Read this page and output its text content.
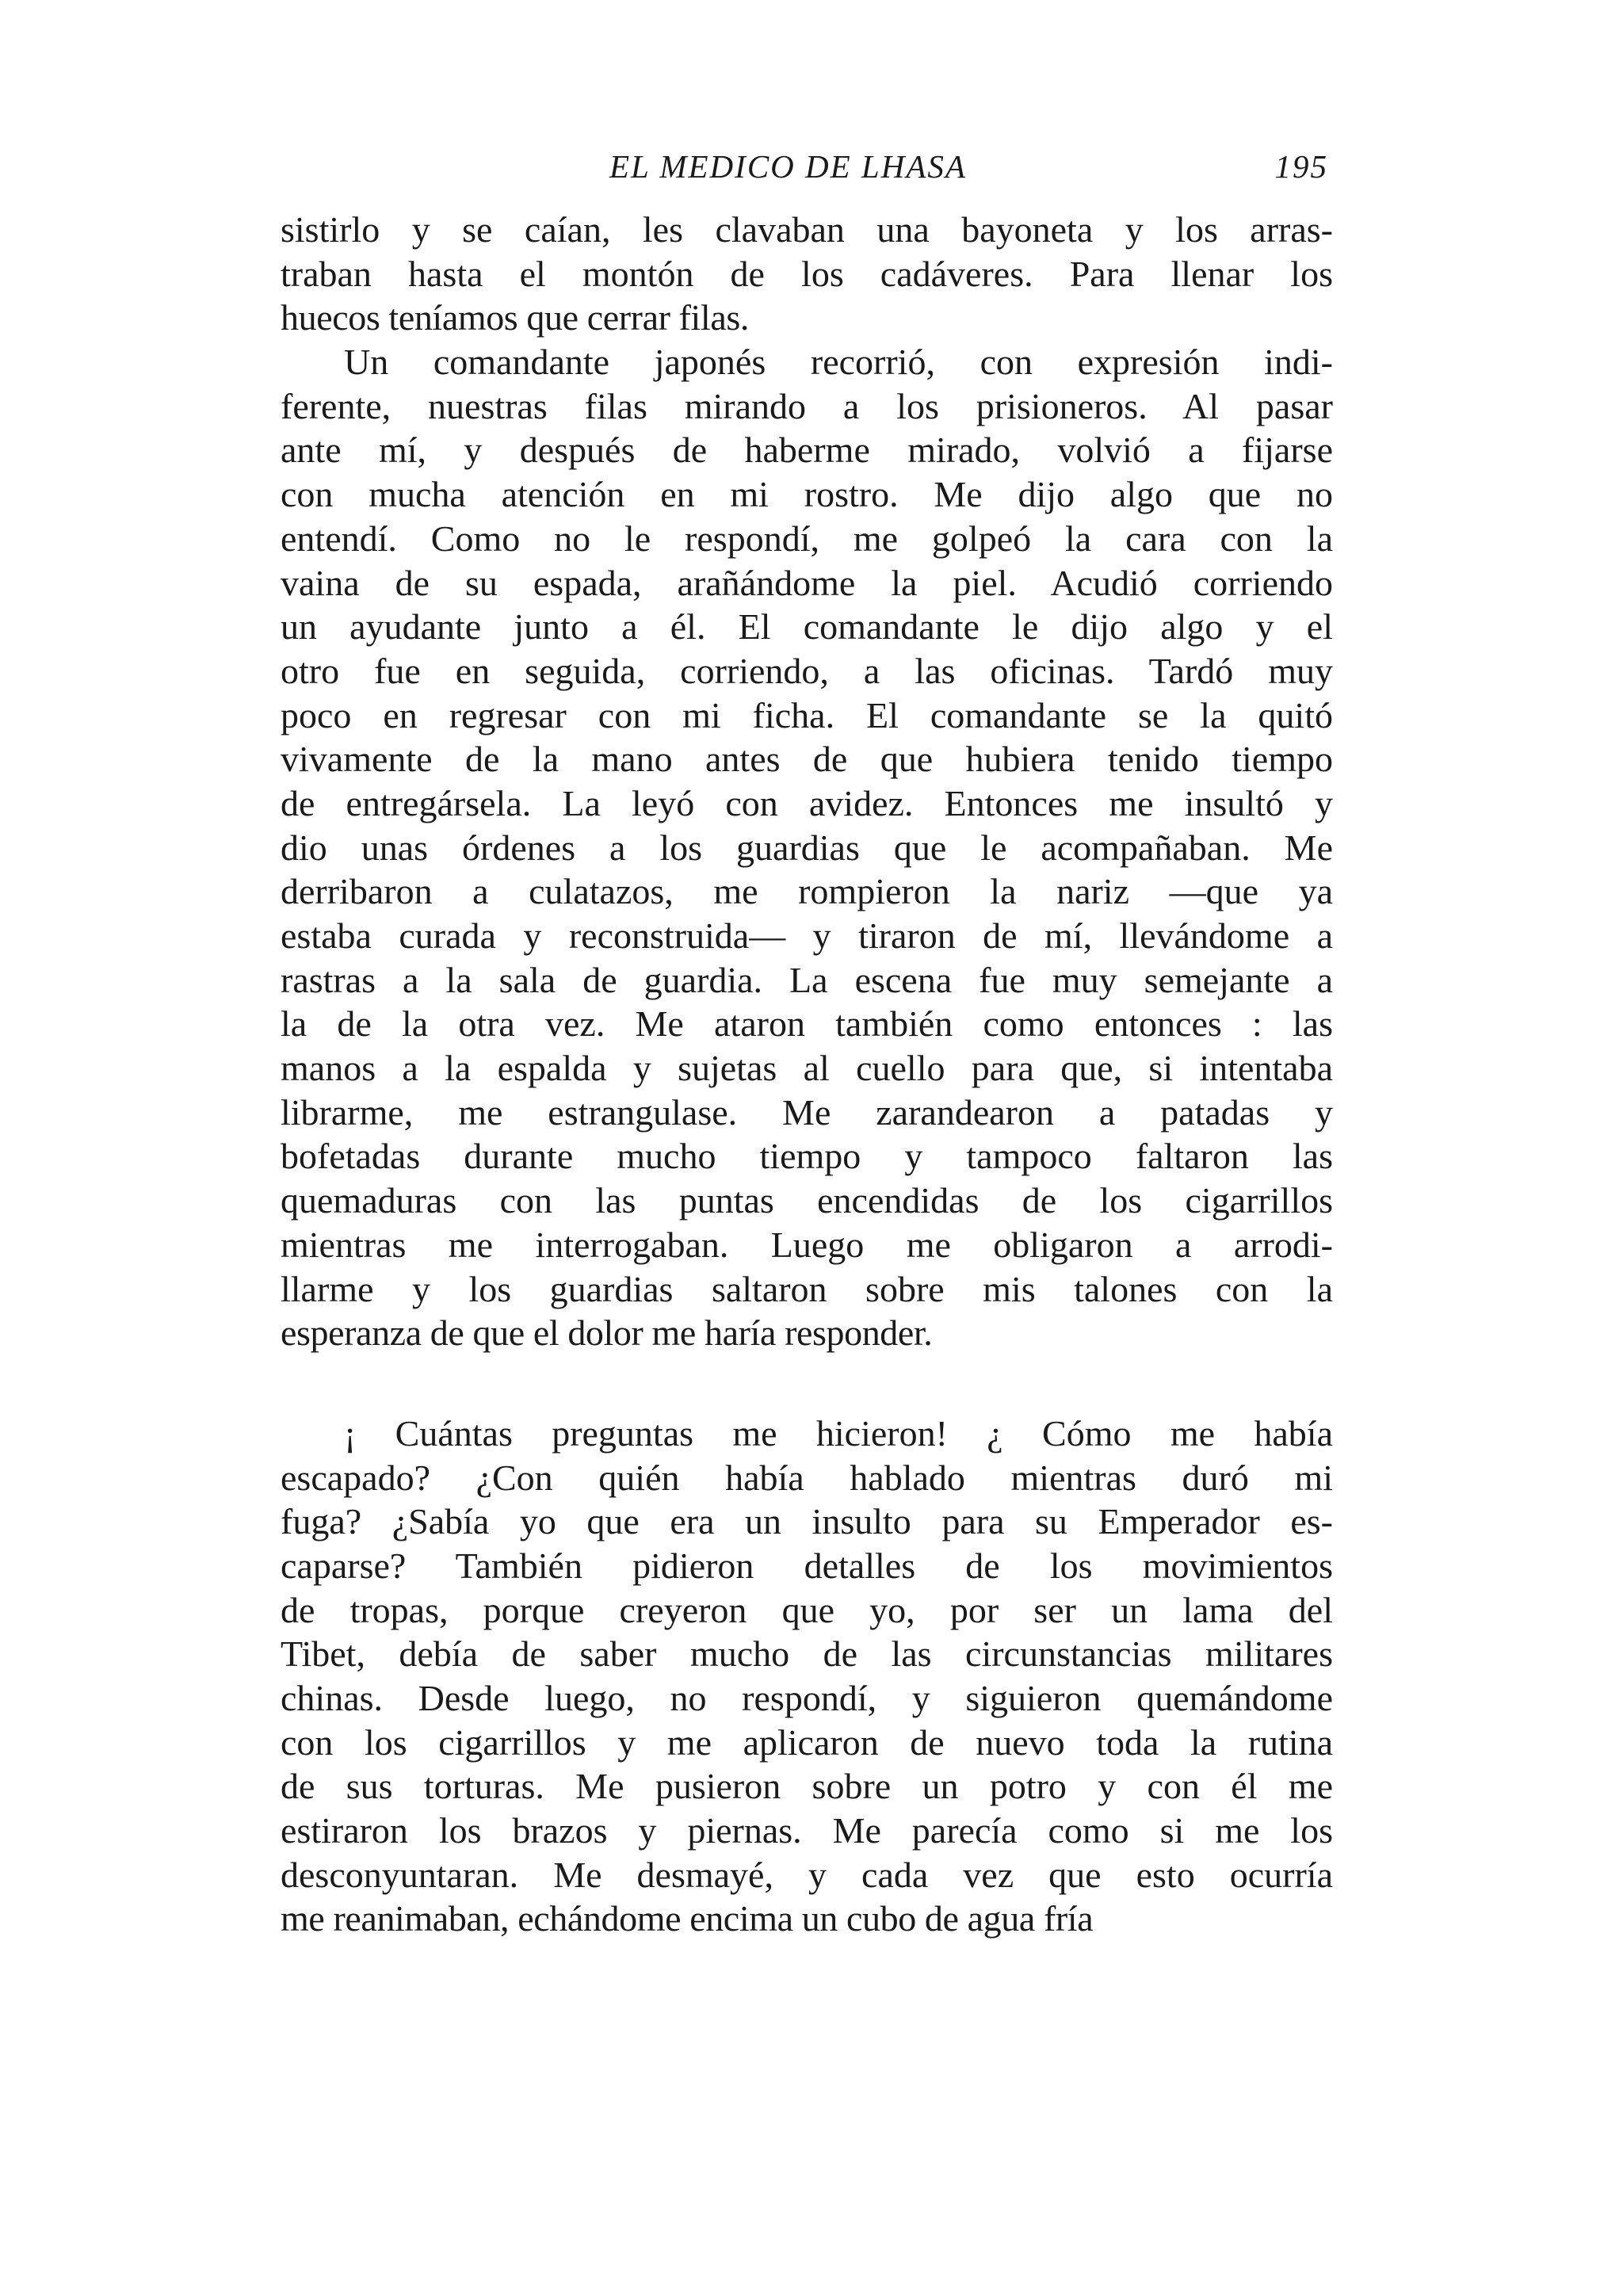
EL MEDICO DE LHASA	195
sistirlo y se caían, les clavaban una bayoneta y los arras-
traban hasta el montón de los cadáveres. Para llenar los
huecos teníamos que cerrar filas.
Un comandante japonés recorrió, con expresión indi-
ferente, nuestras filas mirando a los prisioneros. Al pasar
ante mí, y después de haberme mirado, volvió a fijarse
con mucha atención en mi rostro. Me dijo algo que no
entendí. Como no le respondí, me golpeó la cara con la
vaina de su espada, arañándome la piel. Acudió corriendo
un ayudante junto a él. El comandante le dijo algo y el
otro fue en seguida, corriendo, a las oficinas. Tardó muy
poco en regresar con mi ficha. El comandante se la quitó
vivamente de la mano antes de que hubiera tenido tiempo
de entregársela. La leyó con avidez. Entonces me insultó y
dio unas órdenes a los guardias que le acompañaban. Me
derribaron a culatazos, me rompieron la nariz —que ya
estaba curada y reconstruida— y tiraron de mí, llevándome a
rastras a la sala de guardia. La escena fue muy semejante a
la de la otra vez. Me ataron también como entonces : las
manos a la espalda y sujetas al cuello para que, si intentaba
librarme, me estrangulase. Me zarandearon a patadas y
bofetadas durante mucho tiempo y tampoco faltaron las
quemaduras con las puntas encendidas de los cigarrillos
mientras me interrogaban. Luego me obligaron a arrodi-
llarme y los guardias saltaron sobre mis talones con la
esperanza de que el dolor me haría responder.
¡ Cuántas preguntas me hicieron! ¿ Cómo me había
escapado? ¿Con quién había hablado mientras duró mi
fuga? ¿Sabía yo que era un insulto para su Emperador es-
caparse? También pidieron detalles de los movimientos
de tropas, porque creyeron que yo, por ser un lama del
Tibet, debía de saber mucho de las circunstancias militares
chinas. Desde luego, no respondí, y siguieron quemándome
con los cigarrillos y me aplicaron de nuevo toda la rutina
de sus torturas. Me pusieron sobre un potro y con él me
estiraron los brazos y piernas. Me parecía como si me los
desconyuntaran. Me desmayé, y cada vez que esto ocurría
me reanimaban, echándome encima un cubo de agua fría
